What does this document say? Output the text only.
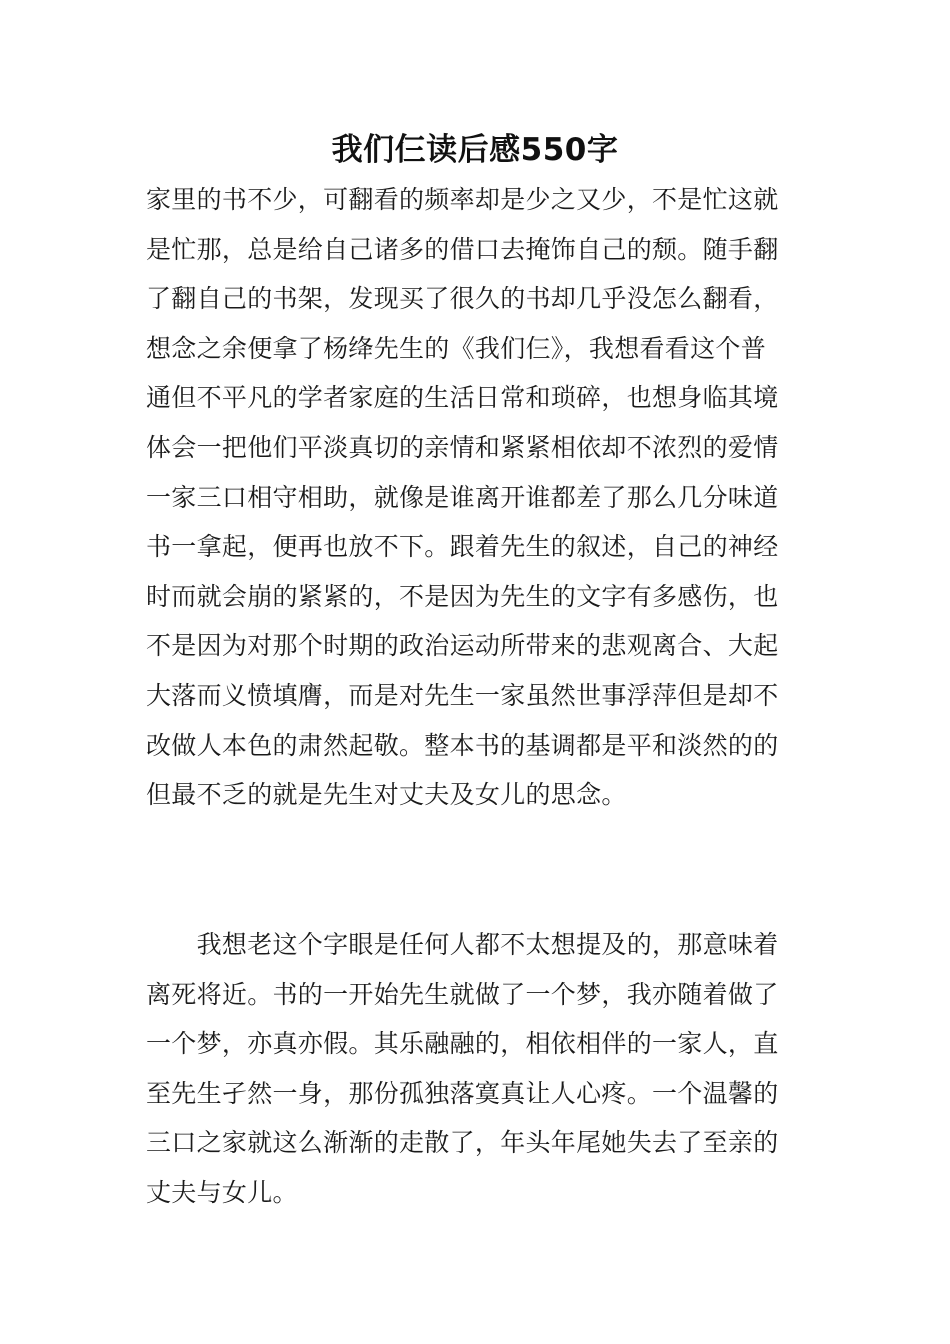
我们仨读后感550字

家里的书不少，可翻看的频率却是少之又少，不是忙这就
是忙那，总是给自己诸多的借口去掩饰自己的颓。随手翻
了翻自己的书架，发现买了很久的书却几乎没怎么翻看，
想念之余便拿了杨绛先生的《我们仨》，我想看看这个普
通但不平凡的学者家庭的生活日常和琐碎，也想身临其境
体会一把他们平淡真切的亲情和紧紧相依却不浓烈的爱情
一家三口相守相助，就像是谁离开谁都差了那么几分味道
书一拿起，便再也放不下。跟着先生的叙述，自己的神经
时而就会崩的紧紧的，不是因为先生的文字有多感伤，也
不是因为对那个时期的政治运动所带来的悲观离合、大起
大落而义愤填膺，而是对先生一家虽然世事浮萍但是却不
改做人本色的肃然起敬。整本书的基调都是平和淡然的的
但最不乏的就是先生对丈夫及女儿的思念。

　　我想老这个字眼是任何人都不太想提及的，那意味着
离死将近。书的一开始先生就做了一个梦，我亦随着做了
一个梦，亦真亦假。其乐融融的，相依相伴的一家人，直
至先生孑然一身，那份孤独落寞真让人心疼。一个温馨的
三口之家就这么渐渐的走散了，年头年尾她失去了至亲的
丈夫与女儿。
